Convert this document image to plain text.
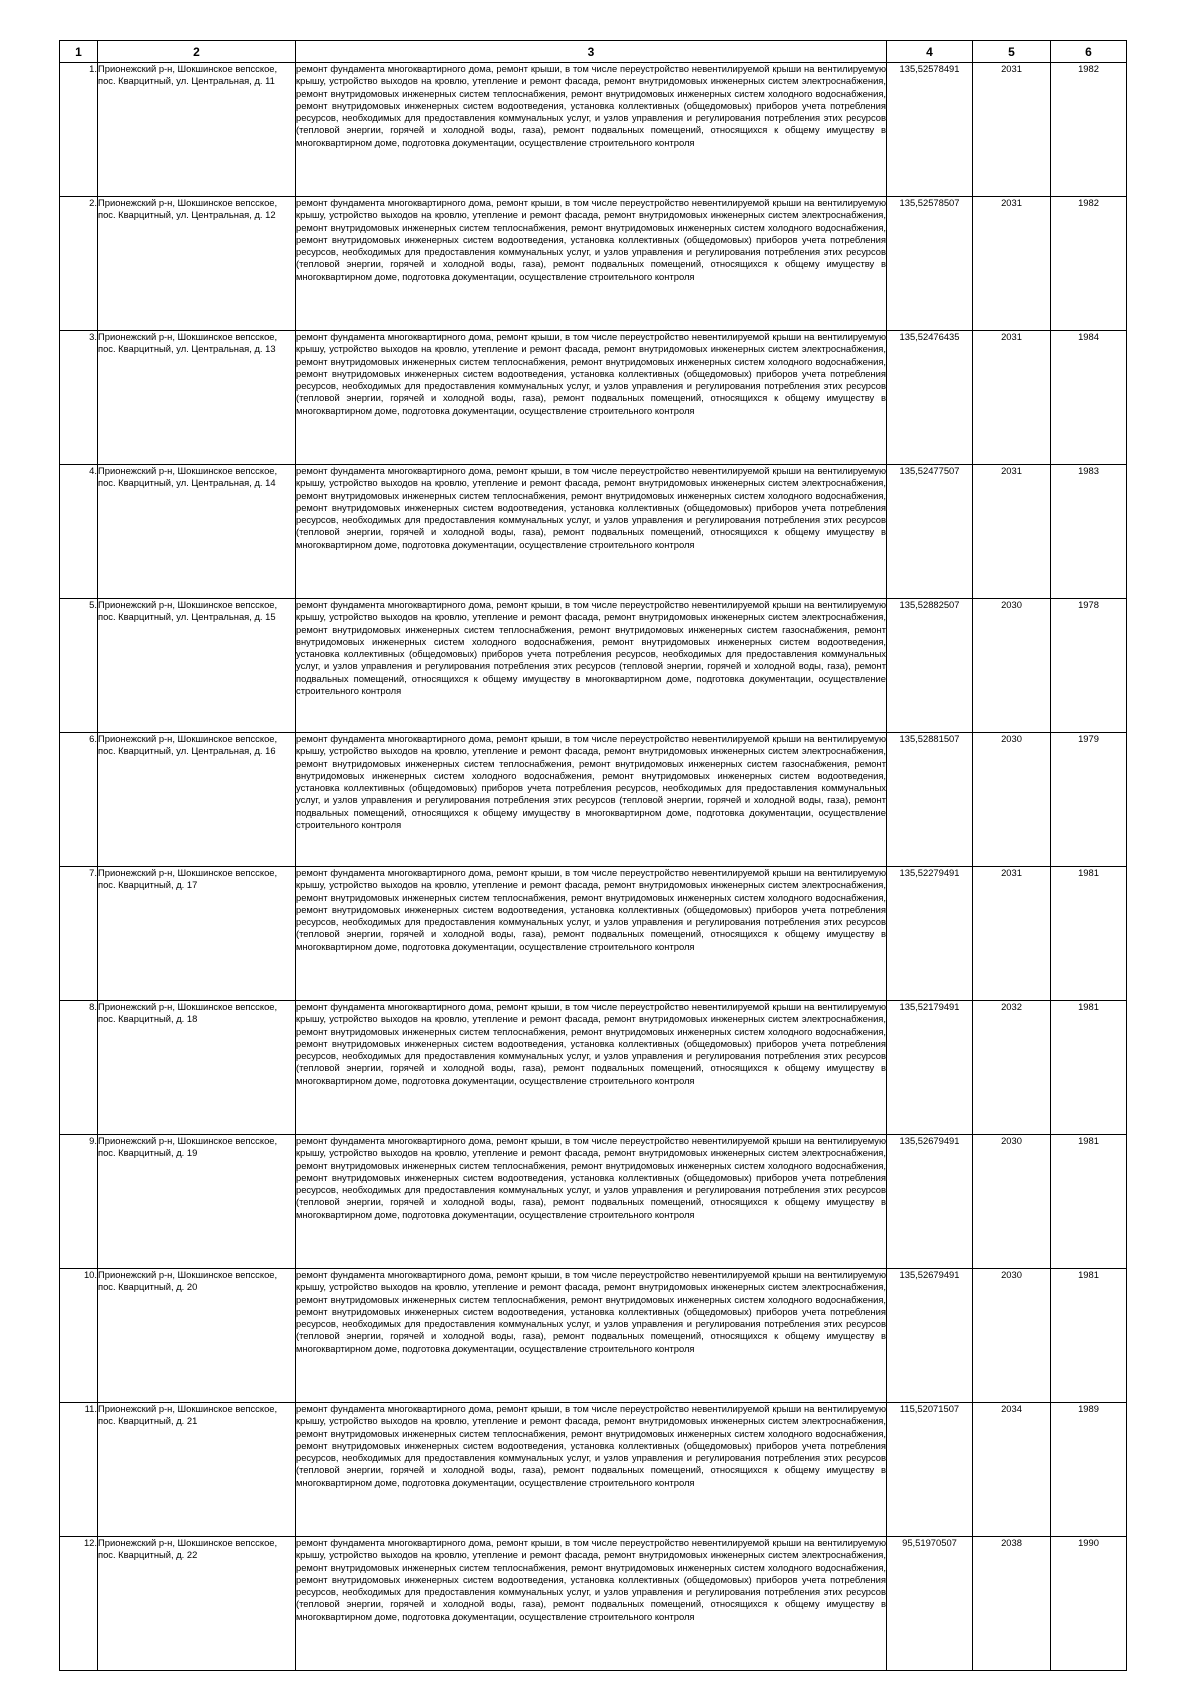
1	2	3	4	5	6
1.	Прионежский р-н, Шокшинское вепсское, пос. Кварцитный, ул. Центральная, д. 11	ремонт фундамента многоквартирного дома, ремонт крыши, в том числе переустройство невентилируемой крыши на вентилируемую крышу, устройство выходов на кровлю, утепление и ремонт фасада, ремонт внутридомовых инженерных систем электроснабжения, ремонт внутридомовых инженерных систем теплоснабжения, ремонт внутридомовых инженерных систем холодного водоснабжения, ремонт внутридомовых инженерных систем водоотведения, установка коллективных (общедомовых) приборов учета потребления ресурсов, необходимых для предоставления коммунальных услуг, и узлов управления и регулирования потребления этих ресурсов (тепловой энергии, горячей и холодной воды, газа), ремонт подвальных помещений, относящихся к общему имуществу в многоквартирном доме, подготовка документации, осуществление строительного контроля	135,52578491	2031	1982
2.	Прионежский р-н, Шокшинское вепсское, пос. Кварцитный, ул. Центральная, д. 12	ремонт фундамента многоквартирного дома, ремонт крыши, в том числе переустройство невентилируемой крыши на вентилируемую крышу, устройство выходов на кровлю, утепление и ремонт фасада, ремонт внутридомовых инженерных систем электроснабжения, ремонт внутридомовых инженерных систем теплоснабжения, ремонт внутридомовых инженерных систем холодного водоснабжения, ремонт внутридомовых инженерных систем водоотведения, установка коллективных (общедомовых) приборов учета потребления ресурсов, необходимых для предоставления коммунальных услуг, и узлов управления и регулирования потребления этих ресурсов (тепловой энергии, горячей и холодной воды, газа), ремонт подвальных помещений, относящихся к общему имуществу в многоквартирном доме, подготовка документации, осуществление строительного контроля	135,52578507	2031	1982
3.	Прионежский р-н, Шокшинское вепсское, пос. Кварцитный, ул. Центральная, д. 13	ремонт фундамента многоквартирного дома, ремонт крыши, в том числе переустройство невентилируемой крыши на вентилируемую крышу, устройство выходов на кровлю, утепление и ремонт фасада, ремонт внутридомовых инженерных систем электроснабжения, ремонт внутридомовых инженерных систем теплоснабжения, ремонт внутридомовых инженерных систем холодного водоснабжения, ремонт внутридомовых инженерных систем водоотведения, установка коллективных (общедомовых) приборов учета потребления ресурсов, необходимых для предоставления коммунальных услуг, и узлов управления и регулирования потребления этих ресурсов (тепловой энергии, горячей и холодной воды, газа), ремонт подвальных помещений, относящихся к общему имуществу в многоквартирном доме, подготовка документации, осуществление строительного контроля	135,52476435	2031	1984
4.	Прионежский р-н, Шокшинское вепсское, пос. Кварцитный, ул. Центральная, д. 14	ремонт фундамента многоквартирного дома, ремонт крыши, в том числе переустройство невентилируемой крыши на вентилируемую крышу, устройство выходов на кровлю, утепление и ремонт фасада, ремонт внутридомовых инженерных систем электроснабжения, ремонт внутридомовых инженерных систем теплоснабжения, ремонт внутридомовых инженерных систем холодного водоснабжения, ремонт внутридомовых инженерных систем водоотведения, установка коллективных (общедомовых) приборов учета потребления ресурсов, необходимых для предоставления коммунальных услуг, и узлов управления и регулирования потребления этих ресурсов (тепловой энергии, горячей и холодной воды, газа), ремонт подвальных помещений, относящихся к общему имуществу в многоквартирном доме, подготовка документации, осуществление строительного контроля	135,52477507	2031	1983
5.	Прионежский р-н, Шокшинское вепсское, пос. Кварцитный, ул. Центральная, д. 15	ремонт фундамента многоквартирного дома, ремонт крыши, в том числе переустройство невентилируемой крыши на вентилируемую крышу, устройство выходов на кровлю, утепление и ремонт фасада, ремонт внутридомовых инженерных систем электроснабжения, ремонт внутридомовых инженерных систем теплоснабжения, ремонт внутридомовых инженерных систем газоснабжения, ремонт внутридомовых инженерных систем холодного водоснабжения, ремонт внутридомовых инженерных систем водоотведения, установка коллективных (общедомовых) приборов учета потребления ресурсов, необходимых для предоставления коммунальных услуг, и узлов управления и регулирования потребления этих ресурсов (тепловой энергии, горячей и холодной воды, газа), ремонт подвальных помещений, относящихся к общему имуществу в многоквартирном доме, подготовка документации, осуществление строительного контроля	135,52882507	2030	1978
6.	Прионежский р-н, Шокшинское вепсское, пос. Кварцитный, ул. Центральная, д. 16	ремонт фундамента многоквартирного дома, ремонт крыши, в том числе переустройство невентилируемой крыши на вентилируемую крышу, устройство выходов на кровлю, утепление и ремонт фасада, ремонт внутридомовых инженерных систем электроснабжения, ремонт внутридомовых инженерных систем теплоснабжения, ремонт внутридомовых инженерных систем газоснабжения, ремонт внутридомовых инженерных систем холодного водоснабжения, ремонт внутридомовых инженерных систем водоотведения, установка коллективных (общедомовых) приборов учета потребления ресурсов, необходимых для предоставления коммунальных услуг, и узлов управления и регулирования потребления этих ресурсов (тепловой энергии, горячей и холодной воды, газа), ремонт подвальных помещений, относящихся к общему имуществу в многоквартирном доме, подготовка документации, осуществление строительного контроля	135,52881507	2030	1979
7.	Прионежский р-н, Шокшинское вепсское, пос. Кварцитный, д. 17	ремонт фундамента многоквартирного дома, ремонт крыши, в том числе переустройство невентилируемой крыши на вентилируемую крышу, устройство выходов на кровлю, утепление и ремонт фасада, ремонт внутридомовых инженерных систем электроснабжения, ремонт внутридомовых инженерных систем теплоснабжения, ремонт внутридомовых инженерных систем холодного водоснабжения, ремонт внутридомовых инженерных систем водоотведения, установка коллективных (общедомовых) приборов учета потребления ресурсов, необходимых для предоставления коммунальных услуг, и узлов управления и регулирования потребления этих ресурсов (тепловой энергии, горячей и холодной воды, газа), ремонт подвальных помещений, относящихся к общему имуществу в многоквартирном доме, подготовка документации, осуществление строительного контроля	135,52279491	2031	1981
8.	Прионежский р-н, Шокшинское вепсское, пос. Кварцитный, д. 18	ремонт фундамента многоквартирного дома, ремонт крыши, в том числе переустройство невентилируемой крыши на вентилируемую крышу, устройство выходов на кровлю, утепление и ремонт фасада, ремонт внутридомовых инженерных систем электроснабжения, ремонт внутридомовых инженерных систем теплоснабжения, ремонт внутридомовых инженерных систем холодного водоснабжения, ремонт внутридомовых инженерных систем водоотведения, установка коллективных (общедомовых) приборов учета потребления ресурсов, необходимых для предоставления коммунальных услуг, и узлов управления и регулирования потребления этих ресурсов (тепловой энергии, горячей и холодной воды, газа), ремонт подвальных помещений, относящихся к общему имуществу в многоквартирном доме, подготовка документации, осуществление строительного контроля	135,52179491	2032	1981
9.	Прионежский р-н, Шокшинское вепсское, пос. Кварцитный, д. 19	ремонт фундамента многоквартирного дома, ремонт крыши, в том числе переустройство невентилируемой крыши на вентилируемую крышу, устройство выходов на кровлю, утепление и ремонт фасада, ремонт внутридомовых инженерных систем электроснабжения, ремонт внутридомовых инженерных систем теплоснабжения, ремонт внутридомовых инженерных систем холодного водоснабжения, ремонт внутридомовых инженерных систем водоотведения, установка коллективных (общедомовых) приборов учета потребления ресурсов, необходимых для предоставления коммунальных услуг, и узлов управления и регулирования потребления этих ресурсов (тепловой энергии, горячей и холодной воды, газа), ремонт подвальных помещений, относящихся к общему имуществу в многоквартирном доме, подготовка документации, осуществление строительного контроля	135,52679491	2030	1981
10.	Прионежский р-н, Шокшинское вепсское, пос. Кварцитный, д. 20	ремонт фундамента многоквартирного дома, ремонт крыши, в том числе переустройство невентилируемой крыши на вентилируемую крышу, устройство выходов на кровлю, утепление и ремонт фасада, ремонт внутридомовых инженерных систем электроснабжения, ремонт внутридомовых инженерных систем теплоснабжения, ремонт внутридомовых инженерных систем холодного водоснабжения, ремонт внутридомовых инженерных систем водоотведения, установка коллективных (общедомовых) приборов учета потребления ресурсов, необходимых для предоставления коммунальных услуг, и узлов управления и регулирования потребления этих ресурсов (тепловой энергии, горячей и холодной воды, газа), ремонт подвальных помещений, относящихся к общему имуществу в многоквартирном доме, подготовка документации, осуществление строительного контроля	135,52679491	2030	1981
11.	Прионежский р-н, Шокшинское вепсское, пос. Кварцитный, д. 21	ремонт фундамента многоквартирного дома, ремонт крыши, в том числе переустройство невентилируемой крыши на вентилируемую крышу, устройство выходов на кровлю, утепление и ремонт фасада, ремонт внутридомовых инженерных систем электроснабжения, ремонт внутридомовых инженерных систем теплоснабжения, ремонт внутридомовых инженерных систем холодного водоснабжения, ремонт внутридомовых инженерных систем водоотведения, установка коллективных (общедомовых) приборов учета потребления ресурсов, необходимых для предоставления коммунальных услуг, и узлов управления и регулирования потребления этих ресурсов (тепловой энергии, горячей и холодной воды, газа), ремонт подвальных помещений, относящихся к общему имуществу в многоквартирном доме, подготовка документации, осуществление строительного контроля	115,52071507	2034	1989
12.	Прионежский р-н, Шокшинское вепсское, пос. Кварцитный, д. 22	ремонт фундамента многоквартирного дома, ремонт крыши, в том числе переустройство невентилируемой крыши на вентилируемую крышу, устройство выходов на кровлю, утепление и ремонт фасада, ремонт внутридомовых инженерных систем электроснабжения, ремонт внутридомовых инженерных систем теплоснабжения, ремонт внутридомовых инженерных систем холодного водоснабжения, ремонт внутридомовых инженерных систем водоотведения, установка коллективных (общедомовых) приборов учета потребления ресурсов, необходимых для предоставления коммунальных услуг, и узлов управления и регулирования потребления этих ресурсов (тепловой энергии, горячей и холодной воды, газа), ремонт подвальных помещений, относящихся к общему имуществу в многоквартирном доме, подготовка документации, осуществление строительного контроля	95,51970507	2038	1990
